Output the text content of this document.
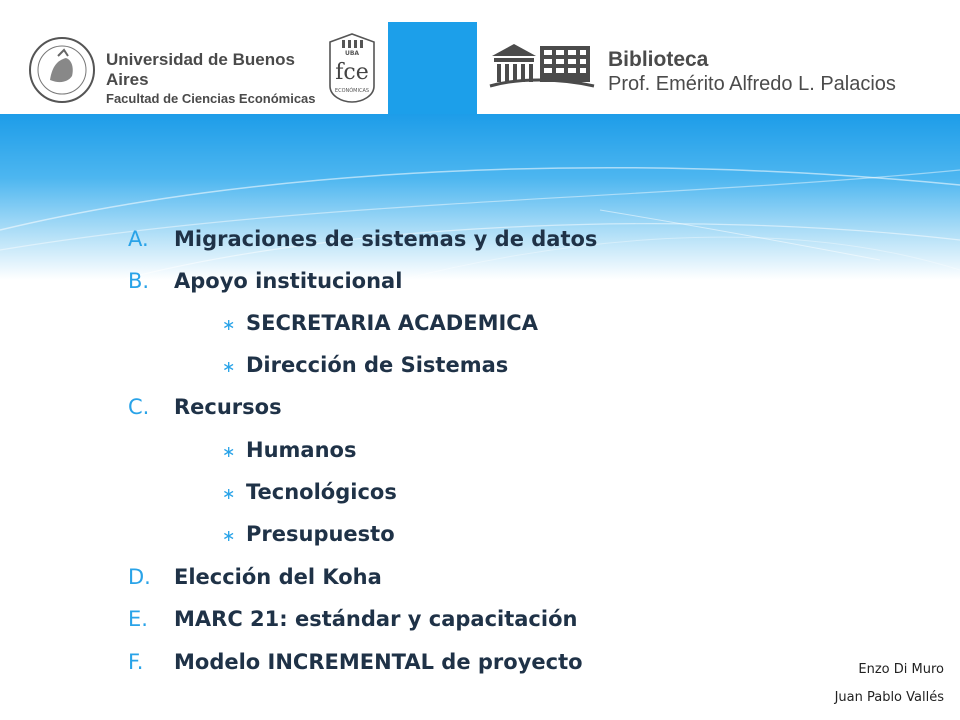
Universidad de Buenos Aires
Facultad de Ciencias Económicas
UBA
fce
ECONÓMICAS
Biblioteca
Prof. Emérito Alfredo L. Palacios
A. Migraciones de sistemas y de datos
B. Apoyo institucional
∗ SECRETARIA ACADEMICA
∗ Dirección de Sistemas
C. Recursos
∗ Humanos
∗ Tecnológicos
∗ Presupuesto
D. Elección del Koha
E. MARC 21: estándar y capacitación
F. Modelo INCREMENTAL de proyecto	Enzo Di Muro
Juan Pablo Vallés
